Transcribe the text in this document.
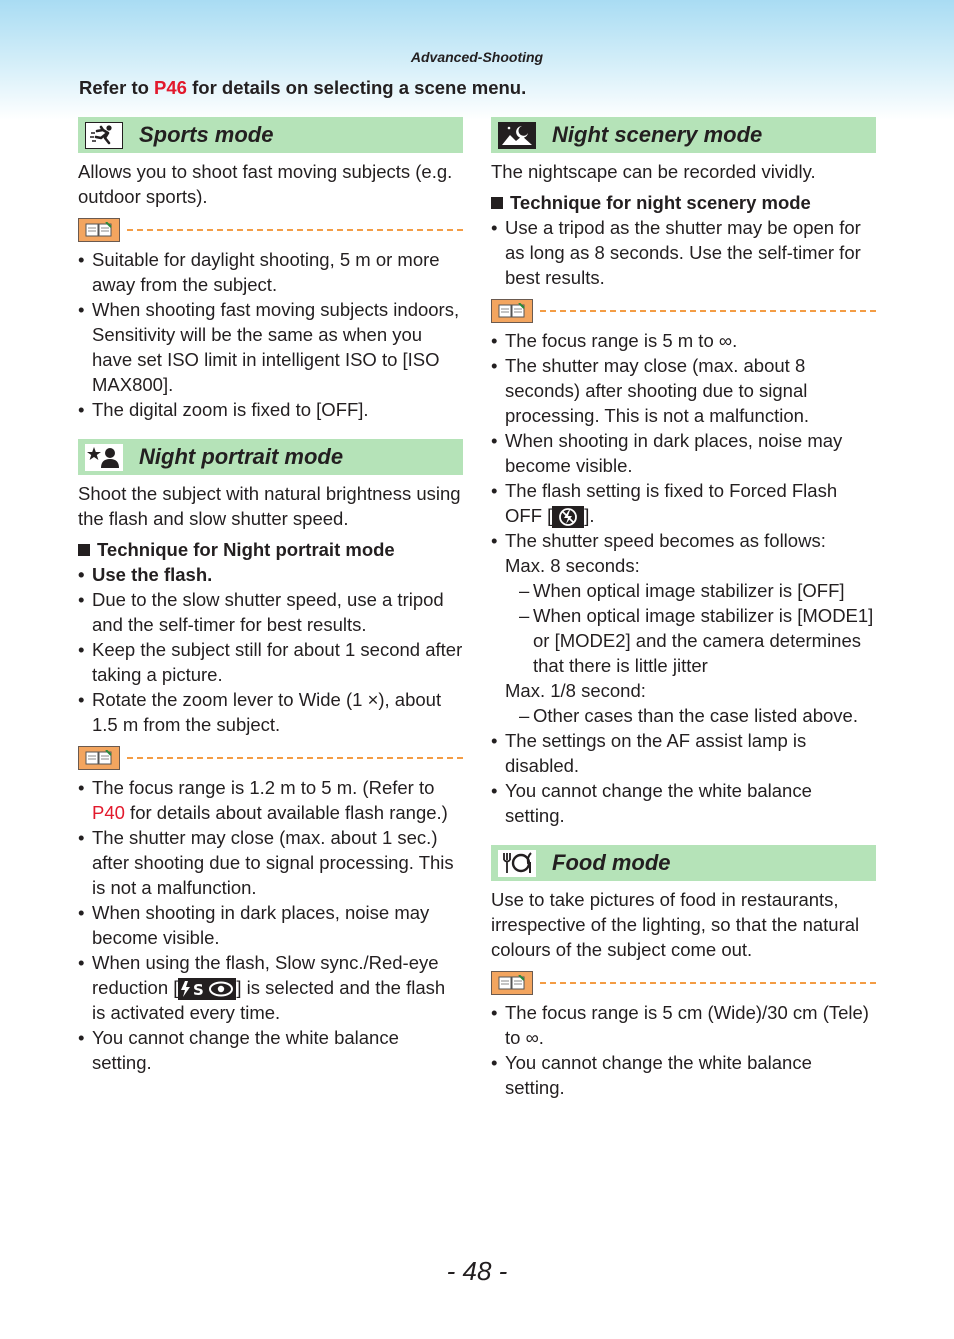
Advanced-Shooting
Refer to P46 for details on selecting a scene menu.
Sports mode
Allows you to shoot fast moving subjects (e.g. outdoor sports).
• Suitable for daylight shooting, 5 m or more away from the subject.
• When shooting fast moving subjects indoors, Sensitivity will be the same as when you have set ISO limit in intelligent ISO to [ISO MAX800].
• The digital zoom is fixed to [OFF].
Night portrait mode
Shoot the subject with natural brightness using the flash and slow shutter speed.
Technique for Night portrait mode
• Use the flash.
• Due to the slow shutter speed, use a tripod and the self-timer for best results.
• Keep the subject still for about 1 second after taking a picture.
• Rotate the zoom lever to Wide (1 ×), about 1.5 m from the subject.
• The focus range is 1.2 m to 5 m. (Refer to P40 for details about available flash range.)
• The shutter may close (max. about 1 sec.) after shooting due to signal processing. This is not a malfunction.
• When shooting in dark places, noise may become visible.
• When using the flash, Slow sync./Red-eye reduction [ S ] is selected and the flash is activated every time.
• You cannot change the white balance setting.
Night scenery mode
The nightscape can be recorded vividly.
Technique for night scenery mode
• Use a tripod as the shutter may be open for as long as 8 seconds. Use the self-timer for best results.
• The focus range is 5 m to ∞.
• The shutter may close (max. about 8 seconds) after shooting due to signal processing. This is not a malfunction.
• When shooting in dark places, noise may become visible.
• The flash setting is fixed to Forced Flash OFF [ ].
• The shutter speed becomes as follows:
Max. 8 seconds:
– When optical image stabilizer is [OFF]
– When optical image stabilizer is [MODE1] or [MODE2] and the camera determines that there is little jitter
Max. 1/8 second:
– Other cases than the case listed above.
• The settings on the AF assist lamp is disabled.
• You cannot change the white balance setting.
Food mode
Use to take pictures of food in restaurants, irrespective of the lighting, so that the natural colours of the subject come out.
• The focus range is 5 cm (Wide)/30 cm (Tele) to ∞.
• You cannot change the white balance setting.
- 48 -
